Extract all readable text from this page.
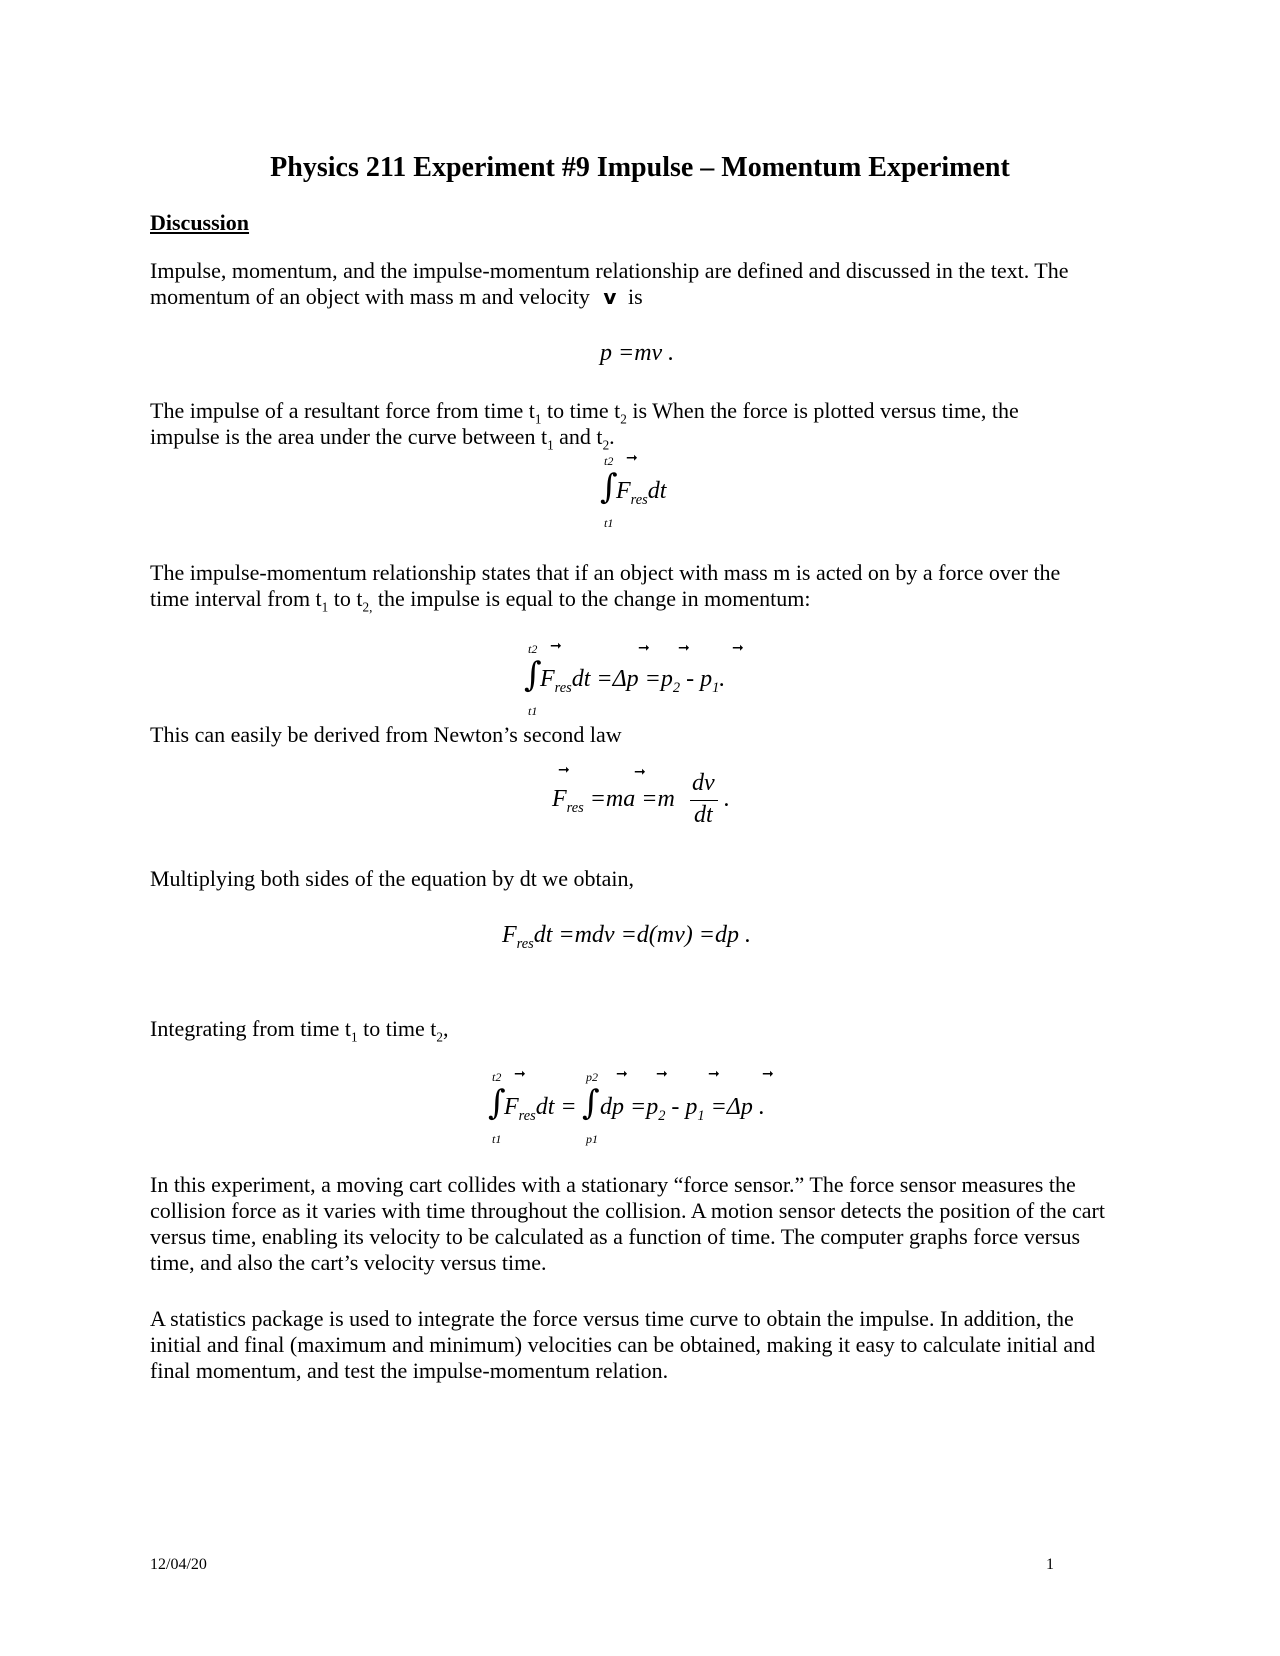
Physics 211 Experiment #9 Impulse – Momentum Experiment
Discussion
Impulse, momentum, and the impulse-momentum relationship are defined and discussed in the text. The
momentum of an object with mass m and velocity v is
p =mv .
The impulse of a resultant force from time $t_1$ to time $t_2$ is When the force is plotted versus time, the
impulse is the area under the curve between $t_1$ and $t_2$.
t2 ➞
∫
$F_{res}dt$
t1
The impulse-momentum relationship states that if an object with mass m is acted on by a force over the
time interval from $t_1$ to $t_{2,}$ the impulse is equal to the change in momentum:
t2 ➞	➞ ➞	➞
∫
$F_{res}dt =\Delta p =p_2 - p_1$.
t1
This can easily be derived from Newton’s second law
➞	➞
$F_{res} =ma =m$
dv
dt
.
Multiplying both sides of the equation by dt we obtain,
$F_{res}dt =mdv =d(mv) =dp$ .
Integrating from time $t_1$ to time $t_2$,
t2 ➞
∫
$F_{res}dt$ =
t1
p2 ➞ ➞	➞	➞
∫ dp $=p_2 - p_1 =\Delta p$ .
p1
In this experiment, a moving cart collides with a stationary “force sensor.” The force sensor measures the collision force as it varies with time throughout the collision. A motion sensor detects the position of the cart versus time, enabling its velocity to be calculated as a function of time. The computer graphs force versus time, and also the cart’s velocity versus time.
A statistics package is used to integrate the force versus time curve to obtain the impulse. In addition, the initial and final (maximum and minimum) velocities can be obtained, making it easy to calculate initial and final momentum, and test the impulse-momentum relation.
12/04/20	1
